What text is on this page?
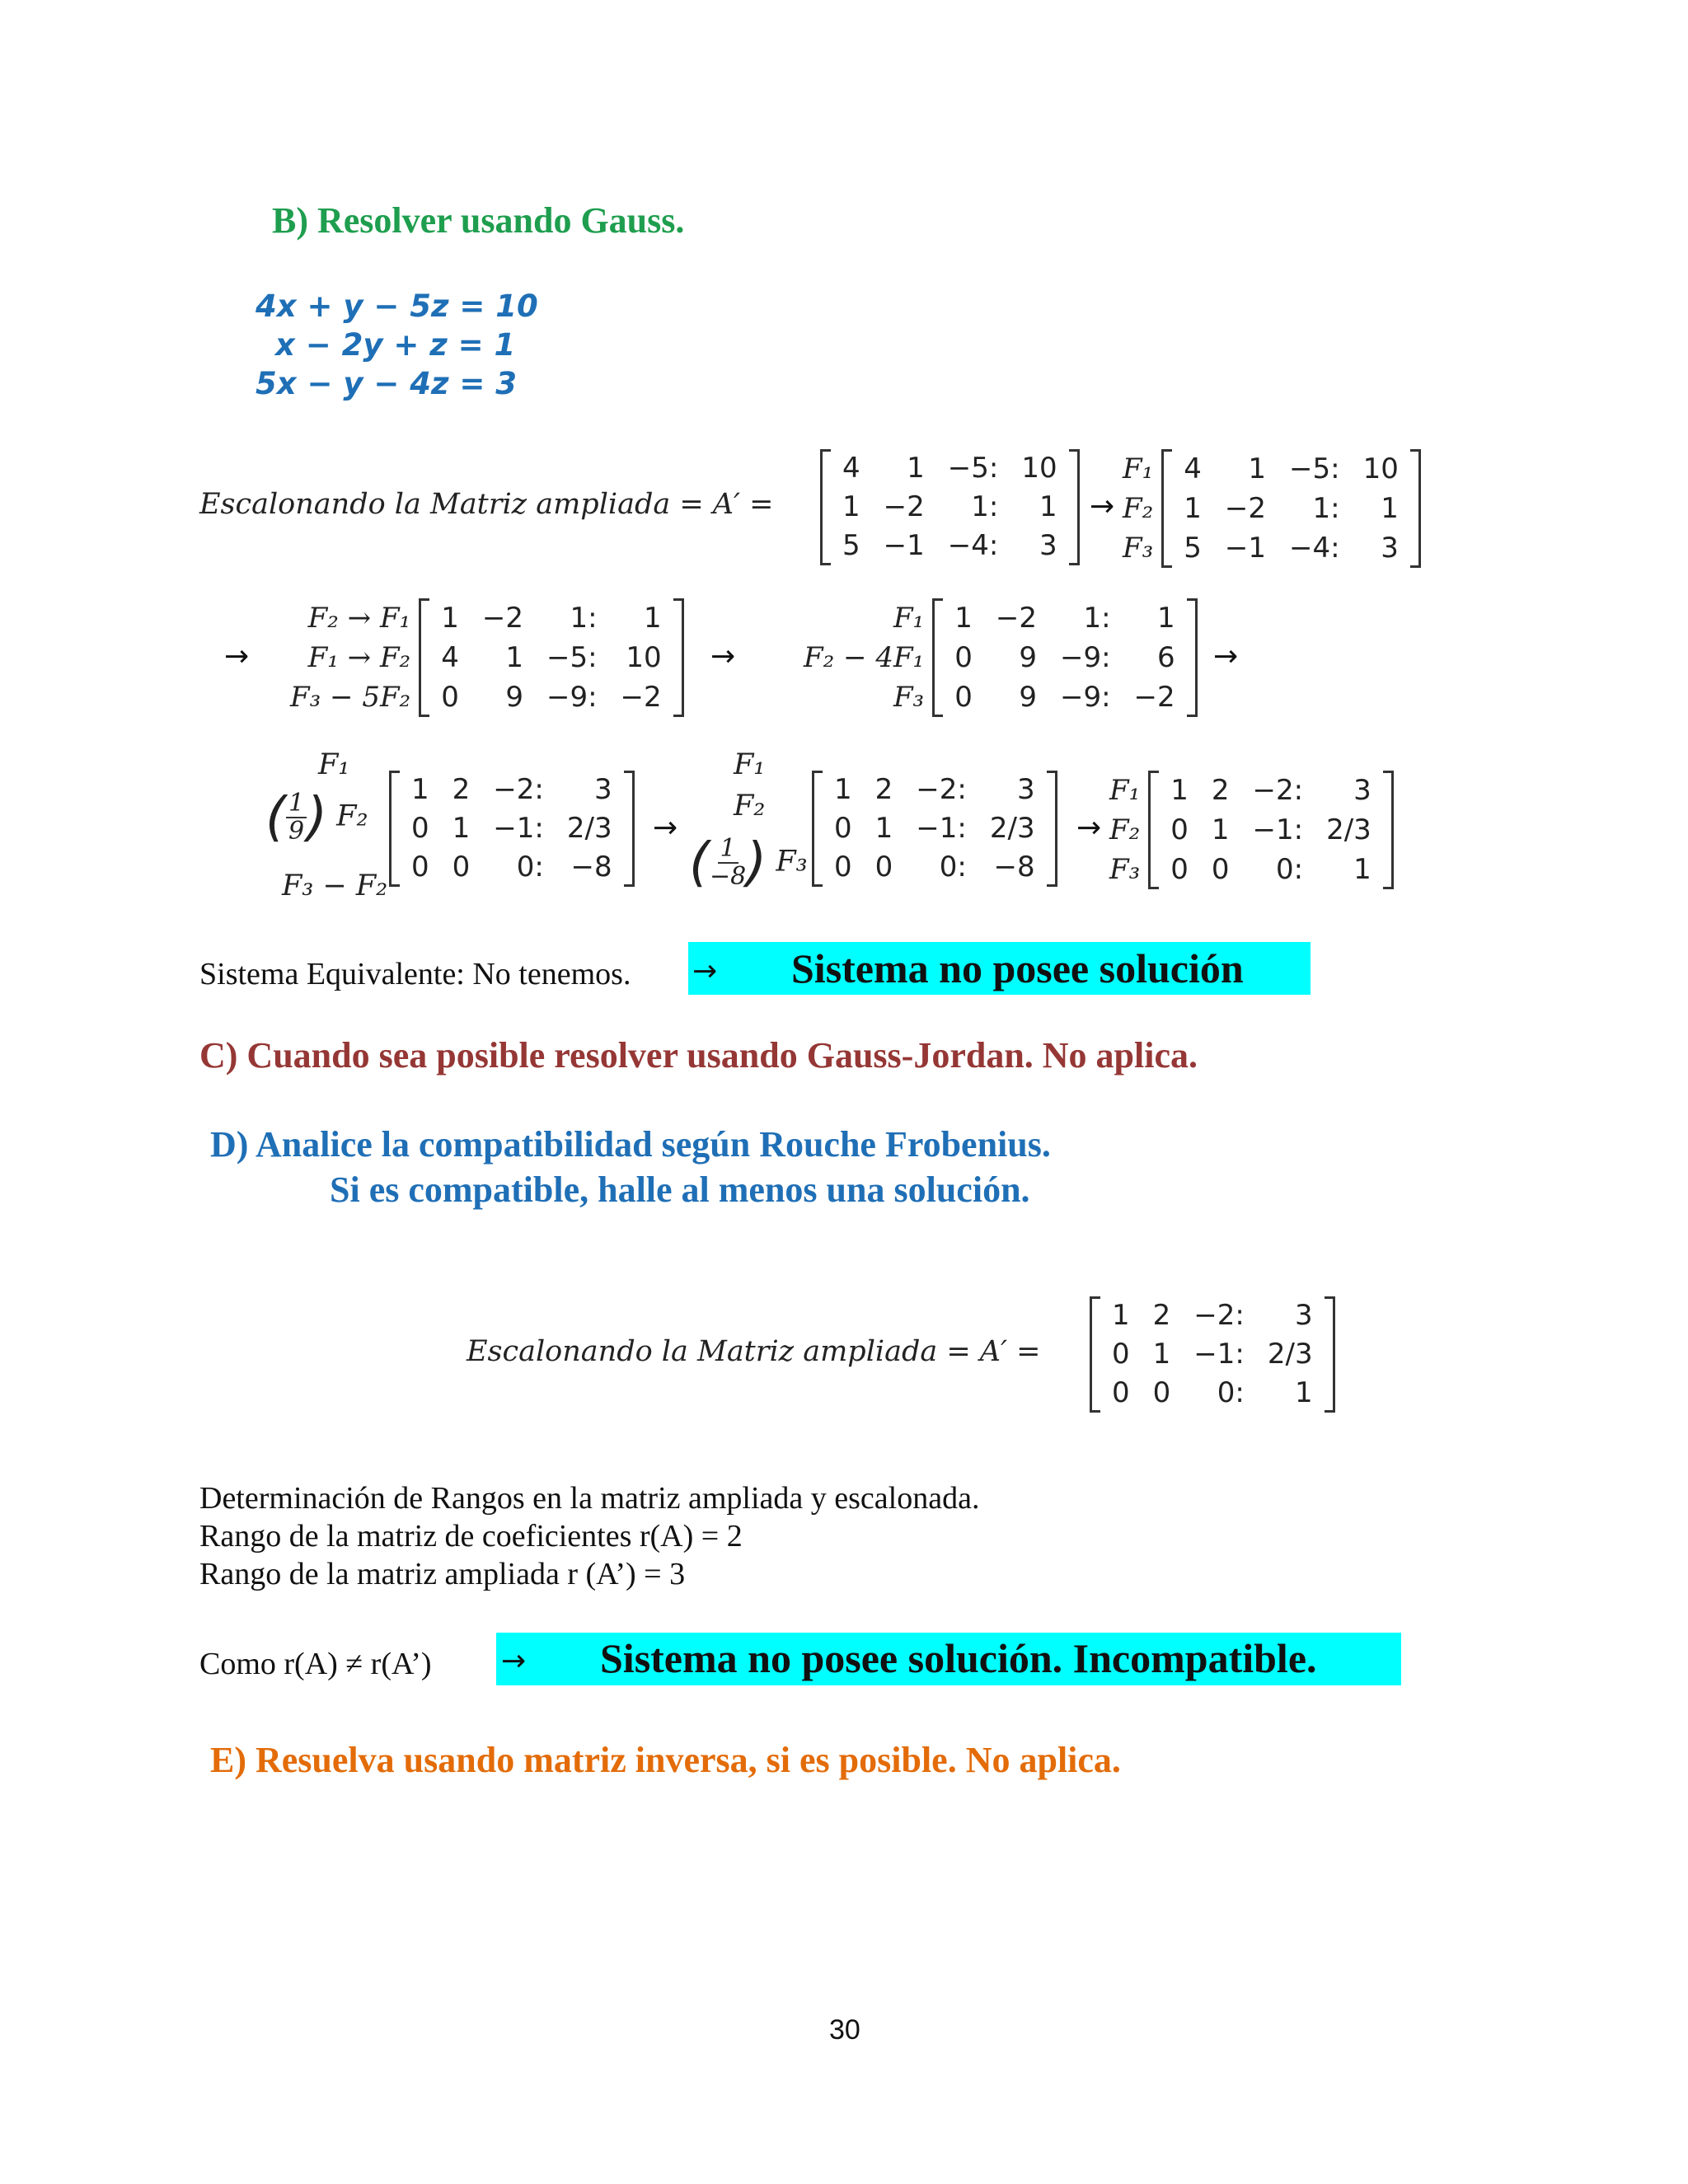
B) Resolver usando Gauss.
4x + y − 5z = 10
x − 2y + z = 1
5x − y − 4z = 3
Escalonando la Matriz ampliada = A′ =
4	1	−5:	10
1	−2	1:	1
5	−1	−4:	3
→
F₁
F₂
F₃
4	1	−5:	10
1	−2	1:	1
5	−1	−4:	3
→
F₂ → F₁
F₁ → F₂
F₃ − 5F₂
1	−2	1:	1
4	1	−5:	10
0	9	−9:	−2
→
F₁
F₂ − 4F₁
F₃
1	−2	1:	1
0	9	−9:	6
0	9	−9:	−2
→
F₁
( $\frac{1}{9}$ ) F₂
F₃ − F₂
1	2	−2:	3
0	1	−1:	2/3
0	0	0:	−8
→
F₁
F₂
( $\frac{1}{-8}$ ) F₃
1	2	−2:	3
0	1	−1:	2/3
0	0	0:	−8
→
F₁
F₂
F₃
1	2	−2:	3
0	1	−1:	2/3
0	0	0:	1
Sistema Equivalente: No tenemos. → Sistema no posee solución
C) Cuando sea posible resolver usando Gauss-Jordan. No aplica.
D) Analice la compatibilidad según Rouche Frobenius.
Si es compatible, halle al menos una solución.
Escalonando la Matriz ampliada = A′ =
1	2	−2:	3
0	1	−1:	2/3
0	0	0:	1
Determinación de Rangos en la matriz ampliada y escalonada.
Rango de la matriz de coeficientes r(A) = 2
Rango de la matriz ampliada r (A’) = 3
Como r(A) ≠ r(A’) → Sistema no posee solución. Incompatible.
E) Resuelva usando matriz inversa, si es posible. No aplica.
30
